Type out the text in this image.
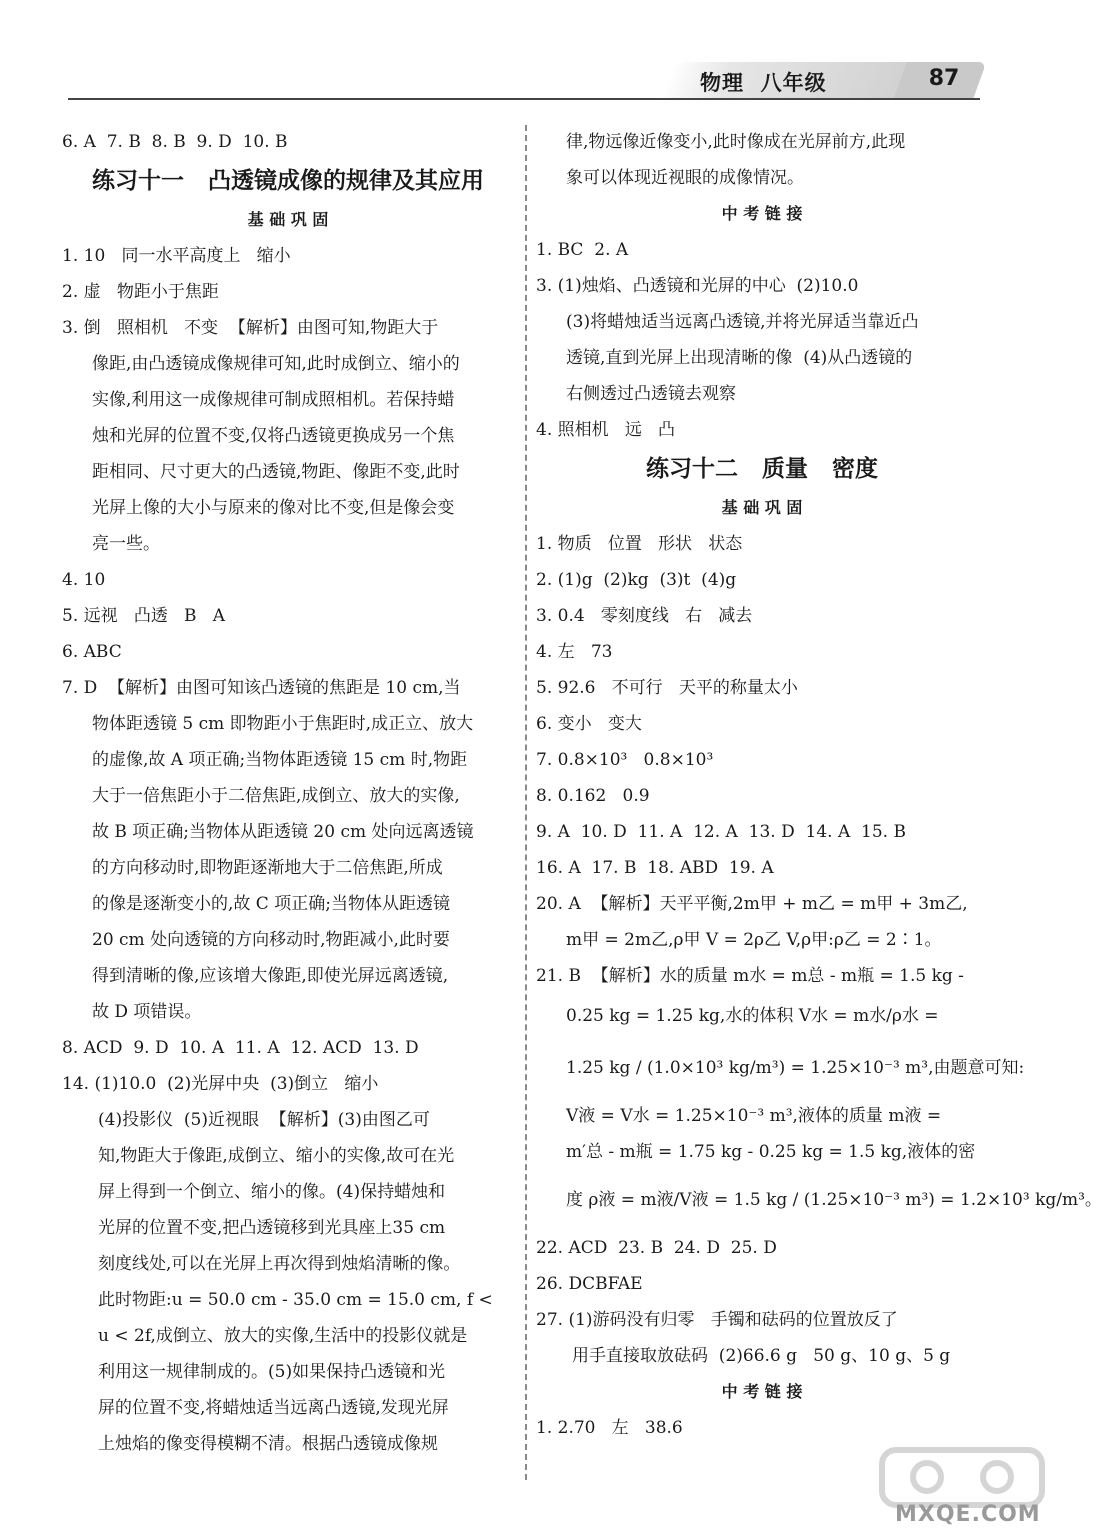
物理  八年级	87
6. A  7. B  8. B  9. D  10. B
练习十一   凸透镜成像的规律及其应用
基 础 巩 固
1. 10   同一水平高度上   缩小
2. 虚   物距小于焦距
3. 倒   照相机   不变  【解析】由图可知,物距大于
像距,由凸透镜成像规律可知,此时成倒立、缩小的
实像,利用这一成像规律可制成照相机。若保持蜡
烛和光屏的位置不变,仅将凸透镜更换成另一个焦
距相同、尺寸更大的凸透镜,物距、像距不变,此时
光屏上像的大小与原来的像对比不变,但是像会变
亮一些。
4. 10
5. 远视   凸透   B   A
6. ABC
7. D  【解析】由图可知该凸透镜的焦距是 10 cm,当
物体距透镜 5 cm 即物距小于焦距时,成正立、放大
的虚像,故 A 项正确;当物体距透镜 15 cm 时,物距
大于一倍焦距小于二倍焦距,成倒立、放大的实像,
故 B 项正确;当物体从距透镜 20 cm 处向远离透镜
的方向移动时,即物距逐渐地大于二倍焦距,所成
的像是逐渐变小的,故 C 项正确;当物体从距透镜
20 cm 处向透镜的方向移动时,物距减小,此时要
得到清晰的像,应该增大像距,即使光屏远离透镜,
故 D 项错误。
8. ACD  9. D  10. A  11. A  12. ACD  13. D
14. (1)10.0  (2)光屏中央  (3)倒立   缩小
(4)投影仪  (5)近视眼  【解析】(3)由图乙可
知,物距大于像距,成倒立、缩小的实像,故可在光
屏上得到一个倒立、缩小的像。(4)保持蜡烛和
光屏的位置不变,把凸透镜移到光具座上35 cm
刻度线处,可以在光屏上再次得到烛焰清晰的像。
此时物距:u = 50.0 cm - 35.0 cm = 15.0 cm, f <
u < 2f,成倒立、放大的实像,生活中的投影仪就是
利用这一规律制成的。(5)如果保持凸透镜和光
屏的位置不变,将蜡烛适当远离凸透镜,发现光屏
上烛焰的像变得模糊不清。根据凸透镜成像规
律,物远像近像变小,此时像成在光屏前方,此现
象可以体现近视眼的成像情况。
中 考 链 接
1. BC  2. A
3. (1)烛焰、凸透镜和光屏的中心  (2)10.0
(3)将蜡烛适当远离凸透镜,并将光屏适当靠近凸
透镜,直到光屏上出现清晰的像  (4)从凸透镜的
右侧透过凸透镜去观察
4. 照相机   远   凸
练习十二   质量   密度
基 础 巩 固
1. 物质   位置   形状   状态
2. (1)g  (2)kg  (3)t  (4)g
3. 0.4   零刻度线   右   减去
4. 左   73
5. 92.6   不可行   天平的称量太小
6. 变小   变大
7. 0.8×10³   0.8×10³
8. 0.162   0.9
9. A  10. D  11. A  12. A  13. D  14. A  15. B
16. A  17. B  18. ABD  19. A
20. A  【解析】天平平衡,2m甲 + m乙 = m甲 + 3m乙,
m甲 = 2m乙,ρ甲 V = 2ρ乙 V,ρ甲:ρ乙 = 2∶1。
21. B  【解析】水的质量 m水 = m总 - m瓶 = 1.5 kg -
0.25 kg = 1.25 kg,水的体积 V水 = m水/ρ水 =
1.25 kg / (1.0×10³ kg/m³) = 1.25×10⁻³ m³,由题意可知:
V液 = V水 = 1.25×10⁻³ m³,液体的质量 m液 =
m′总 - m瓶 = 1.75 kg - 0.25 kg = 1.5 kg,液体的密
度 ρ液 = m液/V液 = 1.5 kg / (1.25×10⁻³ m³) = 1.2×10³ kg/m³。
22. ACD  23. B  24. D  25. D
26. DCBFAE
27. (1)游码没有归零   手镯和砝码的位置放反了
用手直接取放砝码  (2)66.6 g   50 g、10 g、5 g
中 考 链 接
1. 2.70   左   38.6
MXQE.COM
